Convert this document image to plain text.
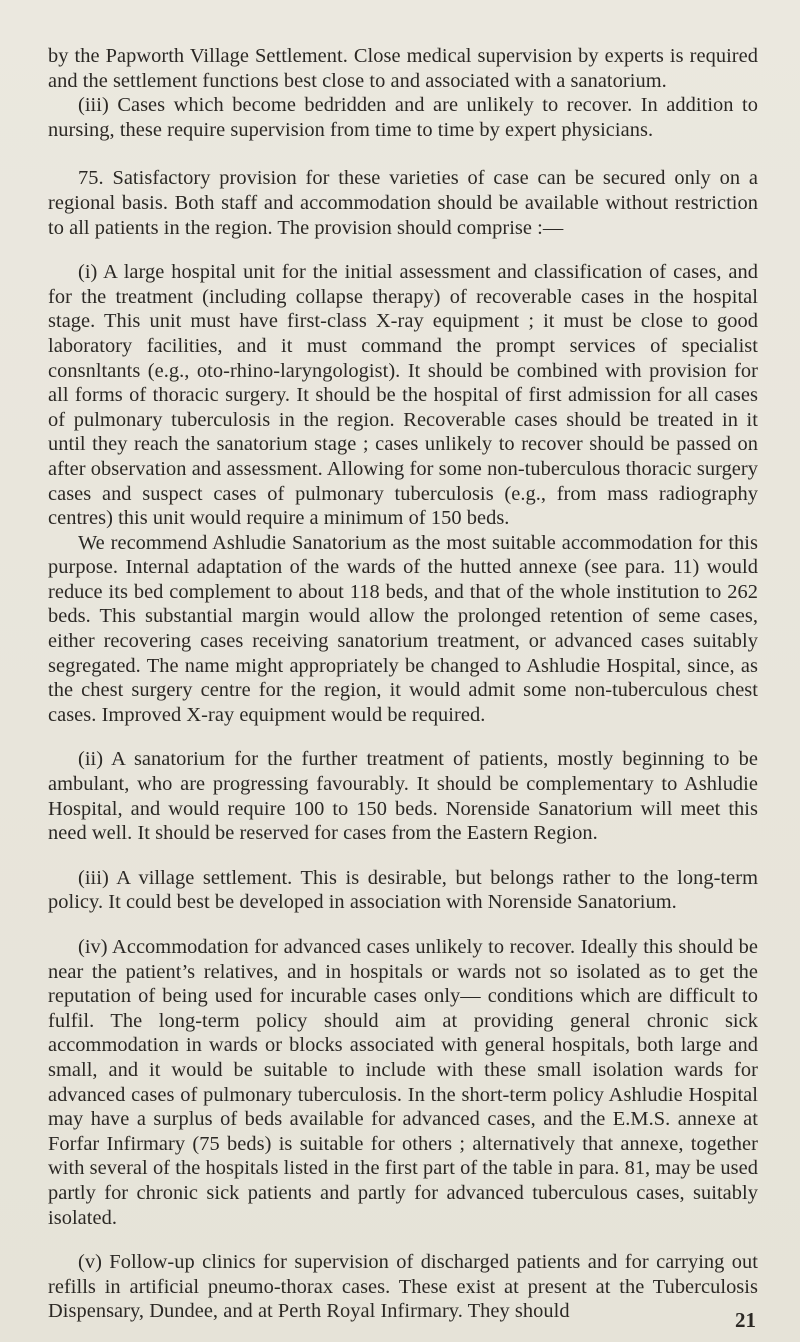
by the Papworth Village Settlement. Close medical supervision by experts is required and the settlement functions best close to and associated with a sanatorium.

(iii) Cases which become bedridden and are unlikely to recover. In addition to nursing, these require supervision from time to time by expert physicians.

75. Satisfactory provision for these varieties of case can be secured only on a regional basis. Both staff and accommodation should be available without restriction to all patients in the region. The provision should comprise :—

(i) A large hospital unit for the initial assessment and classification of cases, and for the treatment (including collapse therapy) of recoverable cases in the hospital stage. This unit must have first-class X-ray equipment ; it must be close to good laboratory facilities, and it must command the prompt services of specialist consnltants (e.g., oto-rhino-laryngologist). It should be combined with provision for all forms of thoracic surgery. It should be the hospital of first admission for all cases of pulmonary tuberculosis in the region. Recoverable cases should be treated in it until they reach the sanatorium stage ; cases unlikely to recover should be passed on after observation and assessment. Allowing for some non-tuberculous thoracic surgery cases and suspect cases of pulmonary tuberculosis (e.g., from mass radiography centres) this unit would require a minimum of 150 beds.

We recommend Ashludie Sanatorium as the most suitable accommodation for this purpose. Internal adaptation of the wards of the hutted annexe (see para. 11) would reduce its bed complement to about 118 beds, and that of the whole institution to 262 beds. This substantial margin would allow the prolonged retention of seme cases, either recovering cases receiving sanatorium treatment, or advanced cases suitably segregated. The name might appropriately be changed to Ashludie Hospital, since, as the chest surgery centre for the region, it would admit some non-tuberculous chest cases. Improved X-ray equipment would be required.

(ii) A sanatorium for the further treatment of patients, mostly beginning to be ambulant, who are progressing favourably. It should be complementary to Ashludie Hospital, and would require 100 to 150 beds. Norenside Sanatorium will meet this need well. It should be reserved for cases from the Eastern Region.

(iii) A village settlement. This is desirable, but belongs rather to the long-term policy. It could best be developed in association with Norenside Sanatorium.

(iv) Accommodation for advanced cases unlikely to recover. Ideally this should be near the patient’s relatives, and in hospitals or wards not so isolated as to get the reputation of being used for incurable cases only— conditions which are difficult to fulfil. The long-term policy should aim at providing general chronic sick accommodation in wards or blocks associated with general hospitals, both large and small, and it would be suitable to include with these small isolation wards for advanced cases of pulmonary tuberculosis. In the short-term policy Ashludie Hospital may have a surplus of beds available for advanced cases, and the E.M.S. annexe at Forfar Infirmary (75 beds) is suitable for others ; alternatively that annexe, together with several of the hospitals listed in the first part of the table in para. 81, may be used partly for chronic sick patients and partly for advanced tuberculous cases, suitably isolated.

(v) Follow-up clinics for supervision of discharged patients and for carrying out refills in artificial pneumo-thorax cases. These exist at present at the Tuberculosis Dispensary, Dundee, and at Perth Royal Infirmary. They should	21
